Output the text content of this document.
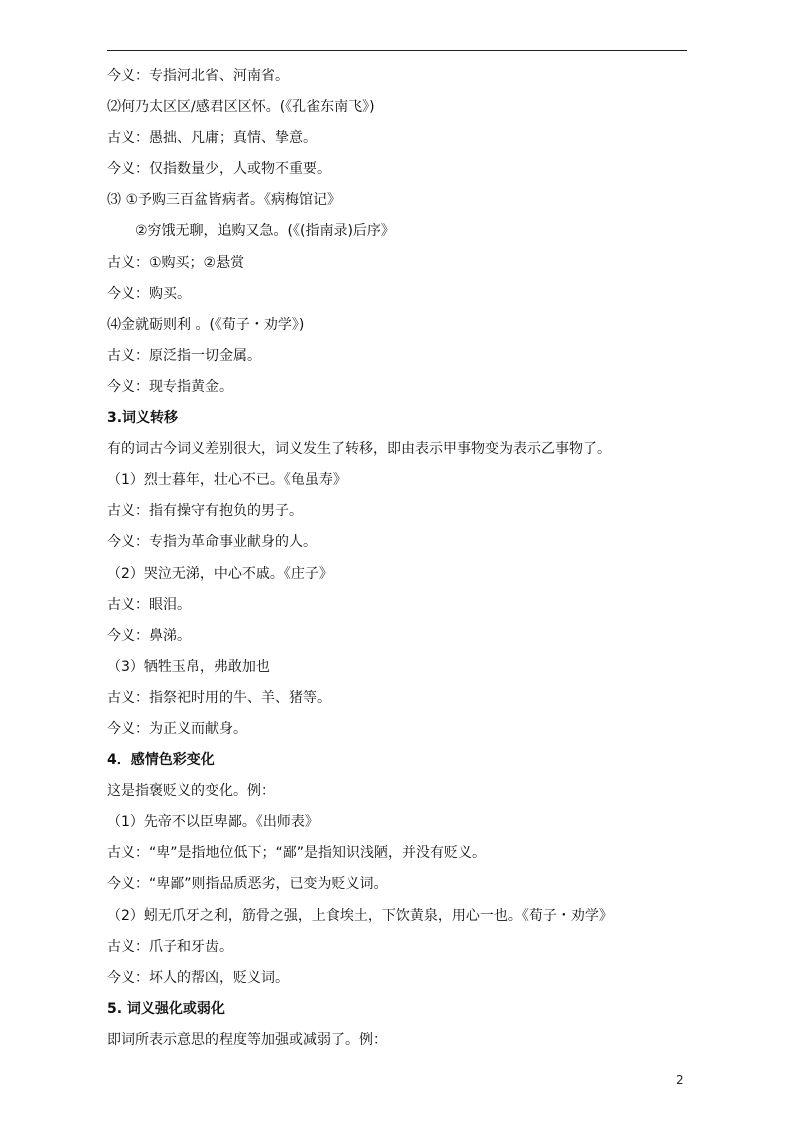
今义：专指河北省、河南省。
⑵何乃太区区/感君区区怀。(《孔雀东南飞》)
古义：愚拙、凡庸；真情、挚意。
今义：仅指数量少，人或物不重要。
⑶ ①予购三百盆皆病者。《病梅馆记》
②穷饿无聊，追购又急。(《(指南录)后序》
古义：①购买；②悬赏
今义：购买。
⑷金就砺则利 。(《荀子・劝学》)
古义：原泛指一切金属。
今义：现专指黄金。
3.词义转移
有的词古今词义差别很大，词义发生了转移，即由表示甲事物变为表示乙事物了。
（1）烈士暮年，壮心不已。《龟虽寿》
古义：指有操守有抱负的男子。
今义：专指为革命事业献身的人。
（2）哭泣无涕，中心不戚。《庄子》
古义：眼泪。
今义：鼻涕。
（3）牺牲玉帛，弗敢加也
古义：指祭祀时用的牛、羊、猪等。
今义：为正义而献身。
4．感情色彩变化
这是指褒贬义的变化。例：
（1）先帝不以臣卑鄙。《出师表》
古义：“卑”是指地位低下；“鄙”是指知识浅陋，并没有贬义。
今义：“卑鄙”则指品质恶劣，已变为贬义词。
（2）蚓无爪牙之利，筋骨之强，上食埃土，下饮黄泉，用心一也。《荀子・劝学》
古义：爪子和牙齿。
今义：坏人的帮凶，贬义词。
5. 词义强化或弱化
即词所表示意思的程度等加强或减弱了。例：
2
